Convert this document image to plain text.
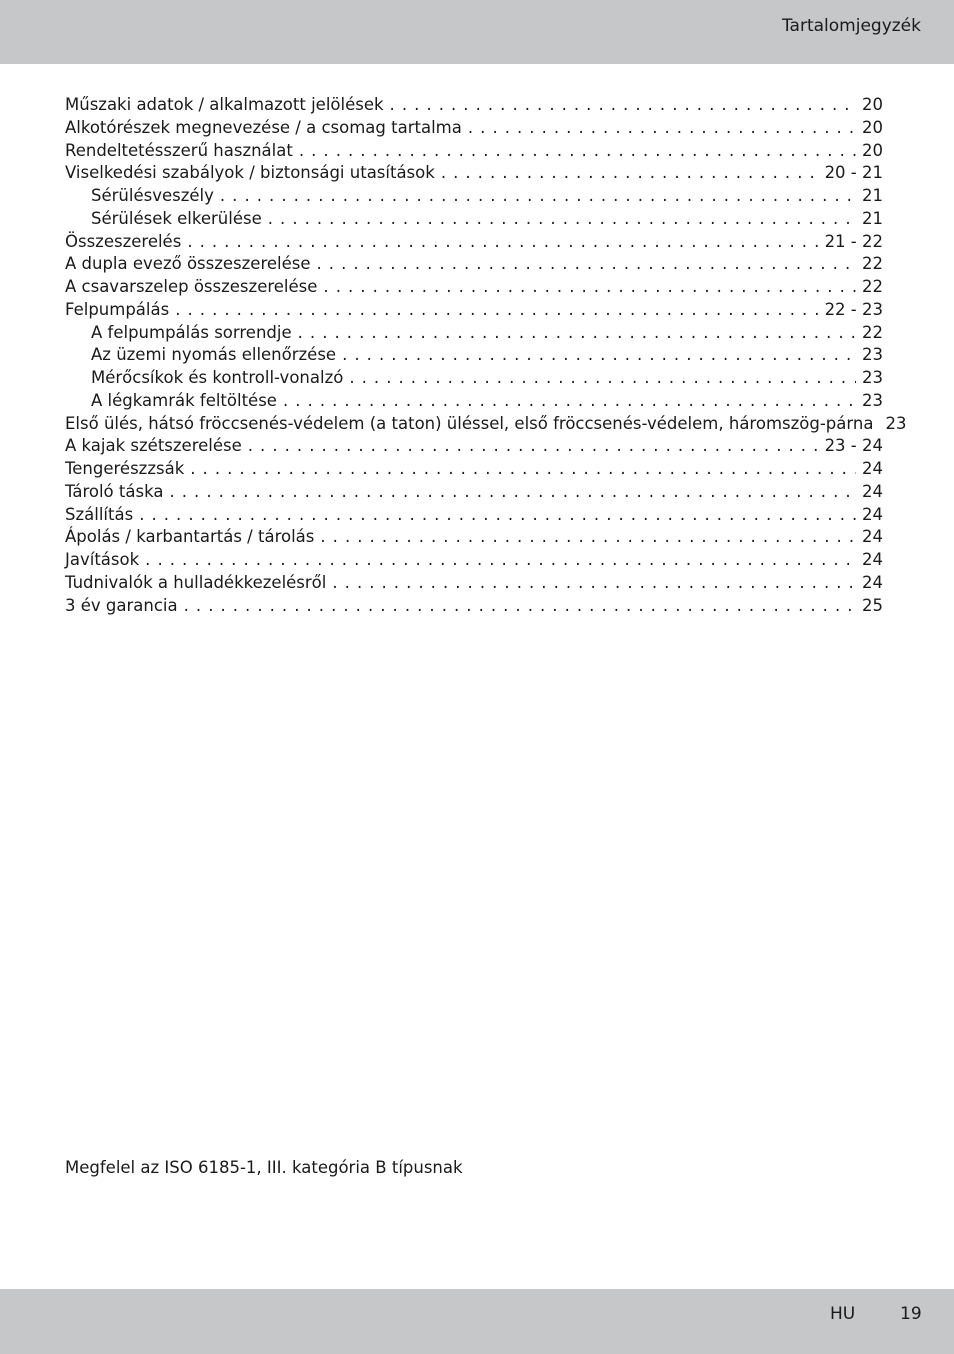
Tartalomjegyzék
Műszaki adatok / alkalmazott jelölések . . .	20
Alkotórészek megnevezése / a csomag tartalma . . .	20
Rendeltetésszerű használat . . .	20
Viselkedési szabályok / biztonsági utasítások . . .	20 - 21
Sérülésveszély . . .	21
Sérülések elkerülése . . .	21
Összeszerelés . . .	21 - 22
A dupla evező összeszerelése . . .	22
A csavarszelep összeszerelése . . .	22
Felpumpálás . . .	22 - 23
A felpumpálás sorrendje . . .	22
Az üzemi nyomás ellenőrzése . . .	23
Mérőcsíkok és kontroll-vonalzó . . .	23
A légkamrák feltöltése . . .	23
Első ülés, hátsó fröccsenés-védelem (a taton) üléssel, első fröccsenés-védelem, háromszög-párna 23
A kajak szétszerelése . . .	23 - 24
Tengerészzsák . . .	24
Tároló táska . . .	24
Szállítás . . .	24
Ápolás / karbantartás / tárolás . . .	24
Javítások . . .	24
Tudnivalók a hulladékkezelésről . . .	24
3 év garancia . . .	25
Megfelel az ISO 6185-1, III. kategória B típusnak
HU	19
